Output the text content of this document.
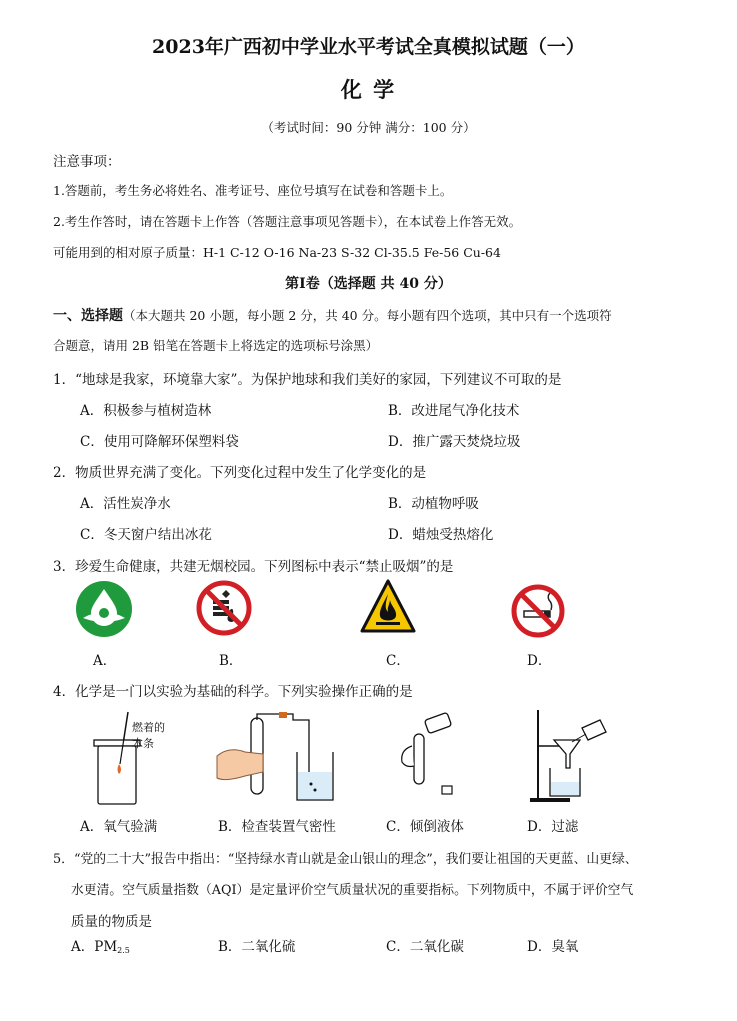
2023年广西初中学业水平考试全真模拟试题（一）
化 学
（考试时间：90 分钟 满分：100 分）
注意事项：
1.答题前，考生务必将姓名、准考证号、座位号填写在试卷和答题卡上。
2.考生作答时，请在答题卡上作答（答题注意事项见答题卡），在本试卷上作答无效。
可能用到的相对原子质量：H-1 C-12 O-16 Na-23 S-32 Cl-35.5 Fe-56 Cu-64
第Ⅰ卷（选择题 共 40 分）
一、选择题（本大题共 20 小题，每小题 2 分，共 40 分。每小题有四个选项，其中只有一个选项符
合题意，请用 2B 铅笔在答题卡上将选定的选项标号涂黑）
1．“地球是我家，环境靠大家”。为保护地球和我们美好的家园，下列建议不可取的是
A．积极参与植树造林	B．改进尾气净化技术
C．使用可降解环保塑料袋	D．推广露天焚烧垃圾
2．物质世界充满了变化。下列变化过程中发生了化学变化的是
A．活性炭净水	B．动植物呼吸
C．冬天窗户结出冰花	D．蜡烛受热熔化
3．珍爱生命健康，共建无烟校园。下列图标中表示“禁止吸烟”的是
A．	B．	C．	D．
4．化学是一门以实验为基础的科学。下列实验操作正确的是
燃着的
木条
A．氧气验满	B．检查装置气密性	C．倾倒液体	D．过滤
5．“党的二十大”报告中指出：“坚持绿水青山就是金山银山的理念”，我们要让祖国的天更蓝、山更绿、
水更清。空气质量指数（AQI）是定量评价空气质量状况的重要指标。下列物质中，不属于评价空气
质量的物质是
A．$PM_{2.5}$	B．二氧化硫	C．二氧化碳	D．臭氧
